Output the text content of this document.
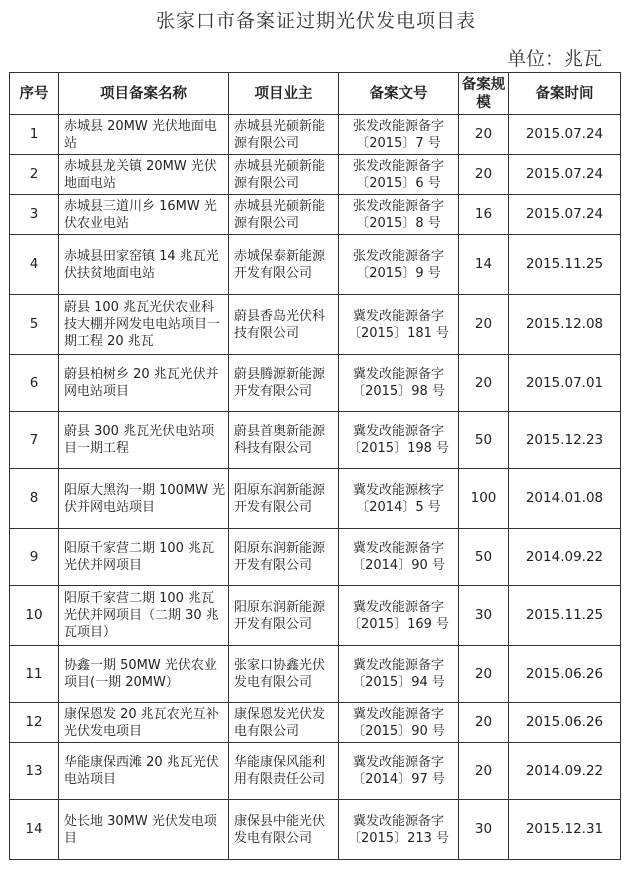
张家口市备案证过期光伏发电项目表
单位：兆瓦
序号	项目备案名称	项目业主	备案文号	备案规模	备案时间
1	赤城县 20MW 光伏地面电站	赤城县光硕新能源有限公司	张发改能源备字〔2015〕7 号	20	2015.07.24
2	赤城县龙关镇 20MW 光伏地面电站	赤城县光硕新能源有限公司	张发改能源备字〔2015〕6 号	20	2015.07.24
3	赤城县三道川乡 16MW 光伏农业电站	赤城县光硕新能源有限公司	张发改能源备字〔2015〕8 号	16	2015.07.24
4	赤城县田家窑镇 14 兆瓦光伏扶贫地面电站	赤城保泰新能源开发有限公司	张发改能源备字〔2015〕9 号	14	2015.11.25
5	蔚县 100 兆瓦光伏农业科技大棚并网发电电站项目一期工程 20 兆瓦	蔚县香岛光伏科技有限公司	冀发改能源备字〔2015〕181 号	20	2015.12.08
6	蔚县柏树乡 20 兆瓦光伏并网电站项目	蔚县腾源新能源开发有限公司	冀发改能源备字〔2015〕98 号	20	2015.07.01
7	蔚县 300 兆瓦光伏电站项目一期工程	蔚县首奥新能源科技有限公司	冀发改能源备字〔2015〕198 号	50	2015.12.23
8	阳原大黑沟一期 100MW 光伏并网电站项目	阳原东润新能源开发有限公司	冀发改能源核字〔2014〕5 号	100	2014.01.08
9	阳原千家营二期 100 兆瓦光伏并网项目	阳原东润新能源开发有限公司	冀发改能源备字〔2014〕90 号	50	2014.09.22
10	阳原千家营二期 100 兆瓦光伏并网项目（二期 30 兆瓦项目）	阳原东润新能源开发有限公司	冀发改能源备字〔2015〕169 号	30	2015.11.25
11	协鑫一期 50MW 光伏农业项目(一期 20MW）	张家口协鑫光伏发电有限公司	冀发改能源备字〔2015〕94 号	20	2015.06.26
12	康保恩发 20 兆瓦农光互补光伏发电项目	康保恩发光伏发电有限公司	冀发改能源备字〔2015〕90 号	20	2015.06.26
13	华能康保西滩 20 兆瓦光伏电站项目	华能康保风能利用有限责任公司	冀发改能源备字〔2014〕97 号	20	2014.09.22
14	处长地 30MW 光伏发电项目	康保县中能光伏发电有限公司	冀发改能源备字〔2015〕213 号	30	2015.12.31
